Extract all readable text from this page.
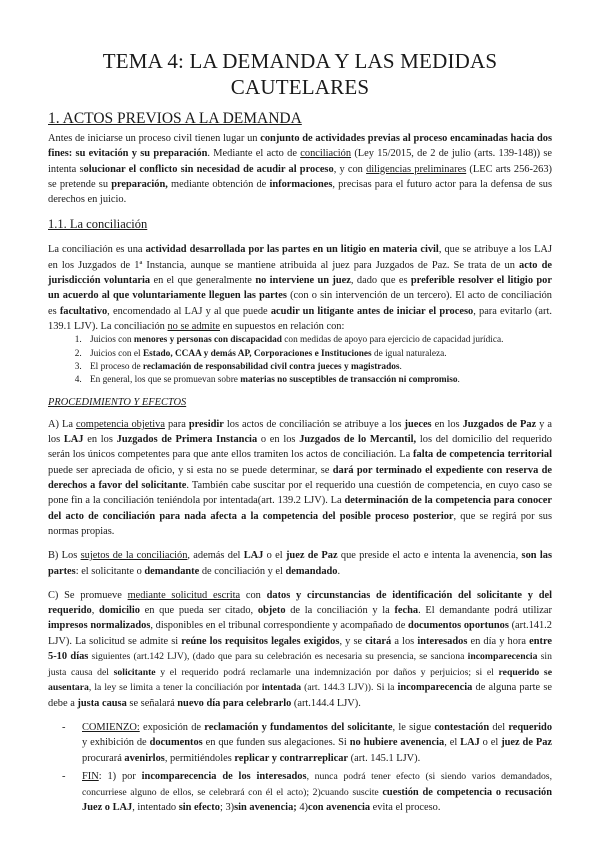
TEMA 4: LA DEMANDA Y LAS MEDIDAS
CAUTELARES
1. ACTOS PREVIOS A LA DEMANDA

Antes de iniciarse un proceso civil tienen lugar un conjunto de actividades previas al proceso encaminadas hacia dos fines: su evitación y su preparación. Mediante el acto de conciliación (Ley 15/2015, de 2 de julio (arts. 139-148)) se intenta solucionar el conflicto sin necesidad de acudir al proceso, y con diligencias preliminares (LEC arts 256-263) se pretende su preparación, mediante obtención de informaciones, precisas para el futuro actor para la defensa de sus derechos en juicio.

1.1. La conciliación

La conciliación es una actividad desarrollada por las partes en un litigio en materia civil, que se atribuye a los LAJ en los Juzgados de 1ª Instancia, aunque se mantiene atribuida al juez para Juzgados de Paz. Se trata de un acto de jurisdicción voluntaria en el que generalmente no interviene un juez, dado que es preferible resolver el litigio por un acuerdo al que voluntariamente lleguen las partes (con o sin intervención de un tercero). El acto de conciliación es facultativo, encomendado al LAJ y al que puede acudir un litigante antes de iniciar el proceso, para evitarlo (art. 139.1 LJV). La conciliación no se admite en supuestos en relación con:

1. Juicios con menores y personas con discapacidad con medidas de apoyo para ejercicio de capacidad jurídica.
2. Juicios con el Estado, CCAA y demás AP, Corporaciones e Instituciones de igual naturaleza.
3. El proceso de reclamación de responsabilidad civil contra jueces y magistrados.
4. En general, los que se promuevan sobre materias no susceptibles de transacción ni compromiso.
PROCEDIMIENTO Y EFECTOS

A) La competencia objetiva para presidir los actos de conciliación se atribuye a los jueces en los Juzgados de Paz y a los LAJ en los Juzgados de Primera Instancia o en los Juzgados de lo Mercantil, los del domicilio del requerido serán los únicos competentes para que ante ellos tramiten los actos de conciliación. La falta de competencia territorial puede ser apreciada de oficio, y si esta no se puede determinar, se dará por terminado el expediente con reserva de derechos a favor del solicitante. También cabe suscitar por el requerido una cuestión de competencia, en cuyo caso se pone fin a la conciliación teniéndola por intentada(art. 139.2 LJV). La determinación de la competencia para conocer del acto de conciliación para nada afecta a la competencia del posible proceso posterior, que se regirá por sus normas propias.

B) Los sujetos de la conciliación, además del LAJ o el juez de Paz que preside el acto e intenta la avenencia, son las partes: el solicitante o demandante de conciliación y el demandado.

C) Se promueve mediante solicitud escrita con datos y circunstancias de identificación del solicitante y del requerido, domicilio en que pueda ser citado, objeto de la conciliación y la fecha. El demandante podrá utilizar impresos normalizados, disponibles en el tribunal correspondiente y acompañado de documentos oportunos (art.141.2 LJV). La solicitud se admite si reúne los requisitos legales exigidos, y se citará a los interesados en día y hora entre 5-10 días siguientes (art.142 LJV), (dado que para su celebración es necesaria su presencia, se sanciona incomparecencia sin justa causa del solicitante y el requerido podrá reclamarle una indemnización por daños y perjuicios; si el requerido se ausentara, la ley se limita a tener la conciliación por intentada (art. 144.3 LJV)). Si la incomparecencia de alguna parte se debe a justa causa se señalará nuevo día para celebrarlo (art.144.4 LJV).

- COMIENZO: exposición de reclamación y fundamentos del solicitante, le sigue contestación del requerido y exhibición de documentos en que funden sus alegaciones. Si no hubiere avenencia, el LAJ o el juez de Paz procurará avenirlos, permitiéndoles replicar y contrarreplicar (art. 145.1 LJV).
- FIN: 1) por incomparecencia de los interesados, nunca podrá tener efecto (si siendo varios demandados, concurriese alguno de ellos, se celebrará con él el acto); 2)cuando suscite cuestión de competencia o recusación Juez o LAJ, intentado sin efecto; 3)sin avenencia; 4)con avenencia evita el proceso.
